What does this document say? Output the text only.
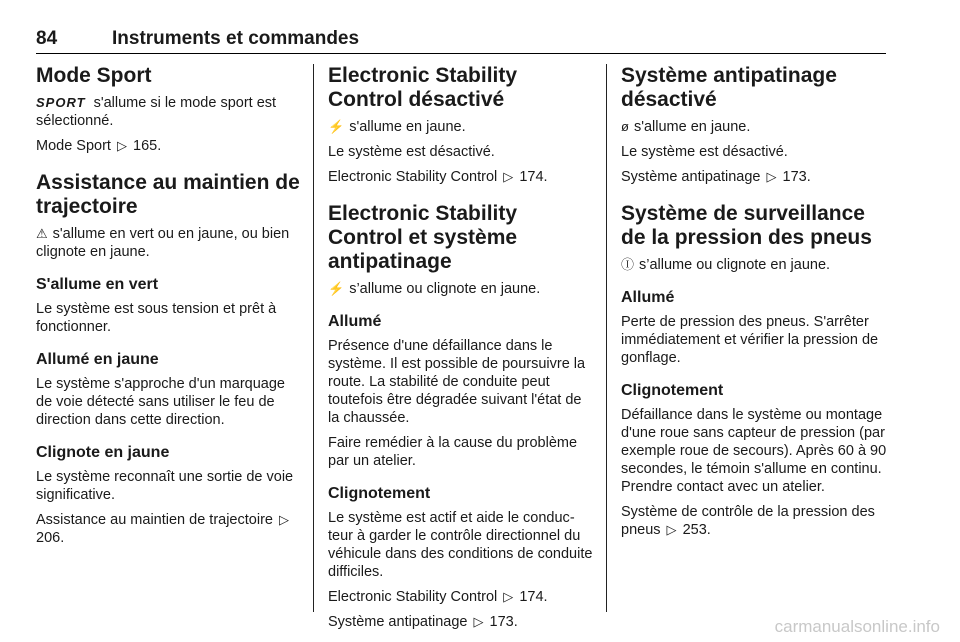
84	Instruments et commandes
Mode Sport

SPORT s'allume si le mode sport est sélectionné.

Mode Sport ▷ 165.

Assistance au maintien de trajectoire

⚠ s'allume en vert ou en jaune, ou bien clignote en jaune.

S'allume en vert

Le système est sous tension et prêt à fonctionner.

Allumé en jaune

Le système s'approche d'un marquage de voie détecté sans utiliser le feu de direction dans cette direction.

Clignote en jaune

Le système reconnaît une sortie de voie significative.

Assistance au maintien de trajectoire ▷ 206.

Electronic Stability Control désactivé

⚡ s'allume en jaune.

Le système est désactivé.

Electronic Stability Control ▷ 174.

Electronic Stability Control et système antipatinage

⚡ s’allume ou clignote en jaune.

Allumé

Présence d'une défaillance dans le système. Il est possible de poursuivre la route. La stabilité de conduite peut toutefois être dégradée suivant l'état de la chaussée.

Faire remédier à la cause du problème par un atelier.

Clignotement

Le système est actif et aide le conducteur à garder le contrôle directionnel du véhicule dans des conditions de conduite difficiles.

Electronic Stability Control ▷ 174.

Système antipatinage ▷ 173.

Système antipatinage désactivé

ø s'allume en jaune.

Le système est désactivé.

Système antipatinage ▷ 173.

Système de surveillance de la pression des pneus

Ⓘ s’allume ou clignote en jaune.

Allumé

Perte de pression des pneus. S'arrêter immédiatement et vérifier la pression de gonflage.

Clignotement

Défaillance dans le système ou montage d'une roue sans capteur de pression (par exemple roue de secours). Après 60 à 90 secondes, le témoin s'allume en continu. Prendre contact avec un atelier.

Système de contrôle de la pression des pneus ▷ 253.

carmanualsonline.info
